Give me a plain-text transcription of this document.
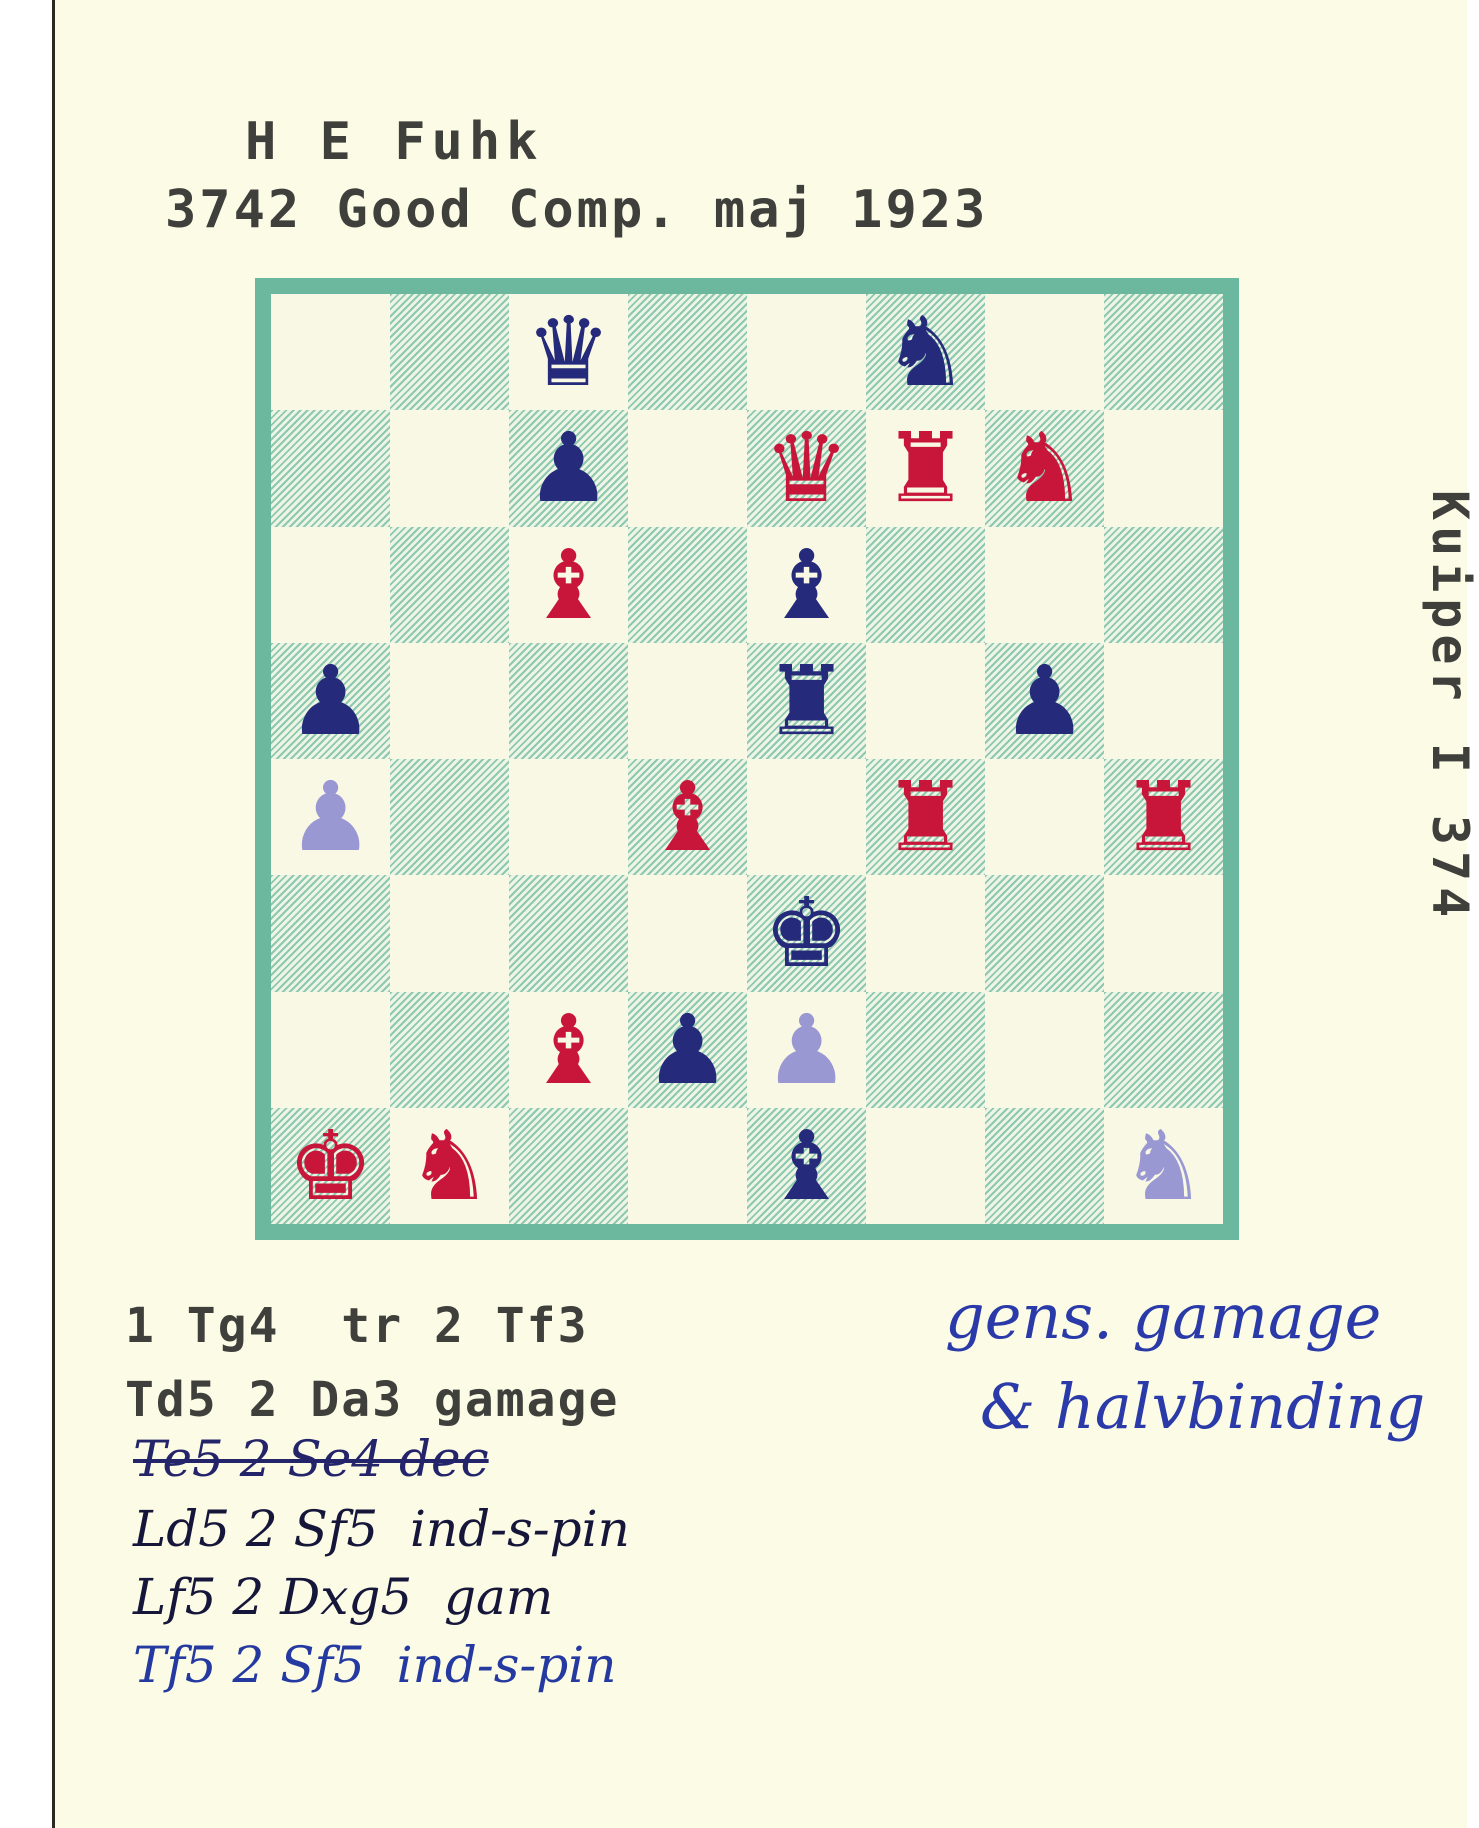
H E Fuhk
3742 Good Comp. maj 1923
Kuiper I 374
♛	♞
♟ ♛ ♜ ♞
♝ ♝
♟	♜ ♟
♟	♝ ♜ ♜
♚
♝ ♟ ♟
♚ ♞	♝	♞
1 Tg4  tr 2 Tf3
Td5 2 Da3 gamage
Te5 2 Se4 dec
Ld5 2 Sf5  ind-s-pin
Lf5 2 Dxg5  gam
Tf5 2 Sf5  ind-s-pin
gens. gamage
& halvbinding
